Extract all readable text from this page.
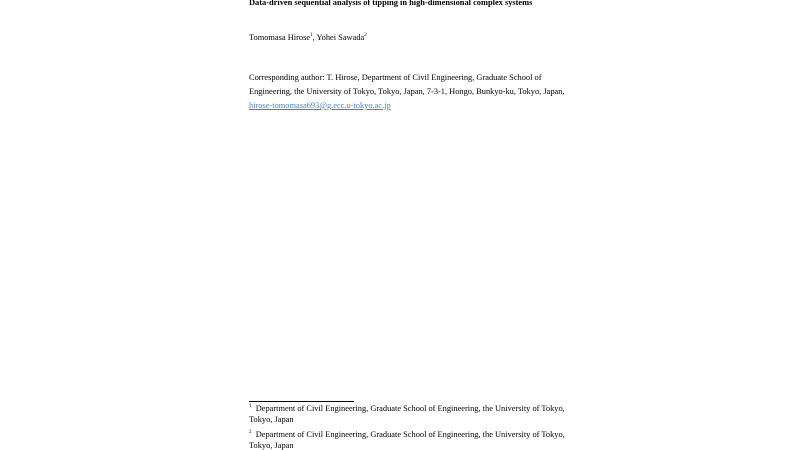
Data-driven sequential analysis of tipping in high-dimensional complex systems
Tomomasa Hirose$^1$, Yohei Sawada$^2$
Corresponding author: T. Hirose, Department of Civil Engineering, Graduate School of
Engineering, the University of Tokyo, Tokyo, Japan, 7-3-1, Hongo, Bunkyo-ku, Tokyo, Japan,
hirose-tomomasa693@g.ecc.u-tokyo.ac.jp
$^1$ Department of Civil Engineering, Graduate School of Engineering, the University of Tokyo,
Tokyo, Japan
$^2$ Department of Civil Engineering, Graduate School of Engineering, the University of Tokyo,
Tokyo, Japan
